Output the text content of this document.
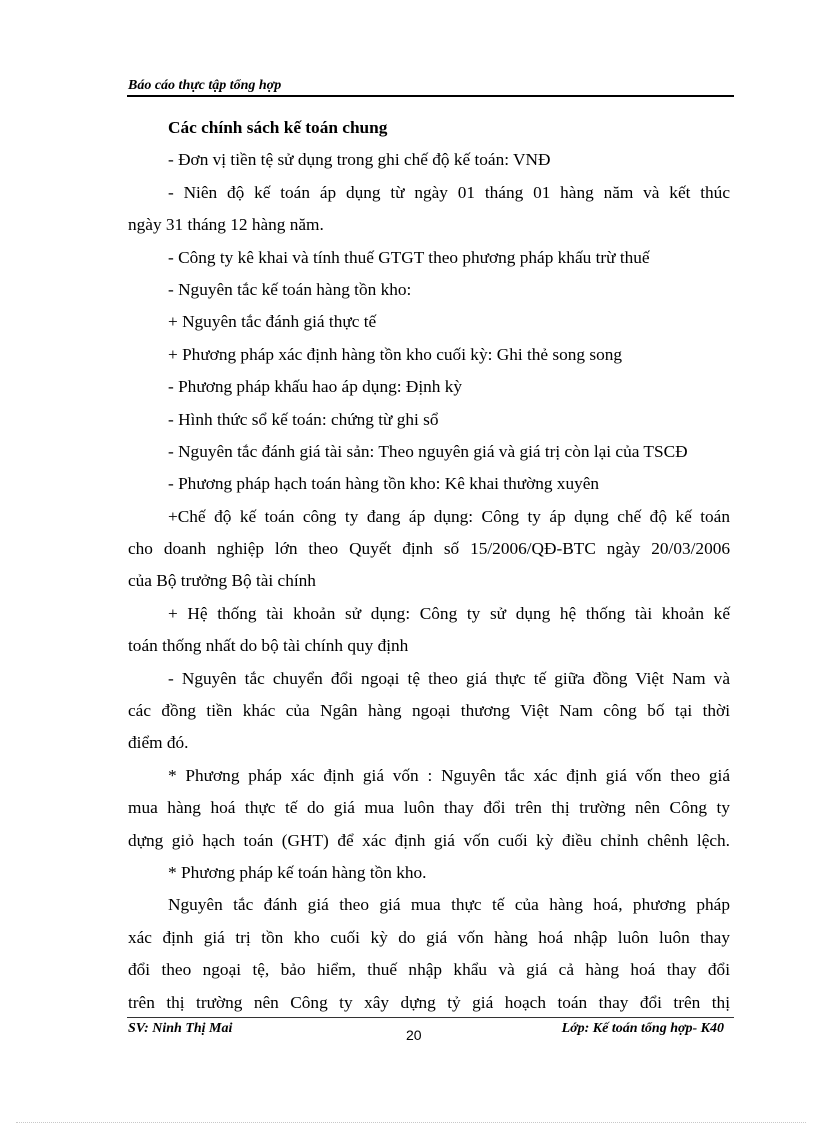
Báo cáo thực tập tổng hợp
Các chính sách kế toán chung
- Đơn vị tiền tệ sử dụng trong ghi chế độ kế toán: VNĐ
- Niên độ kế toán áp dụng từ ngày 01 tháng 01 hàng năm và kết thúc
ngày 31 tháng 12 hàng năm.
- Công ty kê khai và tính thuế GTGT theo phương pháp khấu trừ thuế
- Nguyên tắc kế toán hàng tồn kho:
+ Nguyên tắc đánh giá thực tế
+ Phương pháp xác định hàng tồn kho cuối kỳ: Ghi thẻ song song
- Phương pháp khấu hao áp dụng: Định kỳ
- Hình thức sổ kế toán: chứng từ ghi sổ
- Nguyên tắc đánh giá tài sản: Theo nguyên giá và giá trị còn lại của TSCĐ
- Phương pháp hạch toán hàng tồn kho: Kê khai thường xuyên
+Chế độ kế toán công ty đang áp dụng: Công ty áp dụng chế độ kế toán
cho doanh nghiệp lớn theo Quyết định số 15/2006/QĐ-BTC ngày 20/03/2006
của Bộ trưởng Bộ tài chính
+ Hệ thống tài khoản sử dụng: Công ty sử dụng hệ thống tài khoản kế
toán thống nhất do bộ tài chính quy định
- Nguyên tắc chuyển đổi ngoại tệ theo giá thực tế giữa đồng Việt Nam và
các đồng tiền khác của Ngân hàng ngoại thương Việt Nam công bố tại thời
điểm đó.
* Phương pháp xác định giá vốn : Nguyên tắc xác định giá vốn theo giá
mua hàng hoá thực tế do giá mua luôn thay đổi trên thị trường nên Công ty
dựng giỏ hạch toán (GHT) để xác định giá vốn cuối kỳ điều chỉnh chênh lệch.
* Phương pháp kế toán hàng tồn kho.
Nguyên tắc đánh giá theo giá mua thực tế của hàng hoá, phương pháp
xác định giá trị tồn kho cuối kỳ do giá vốn hàng hoá nhập luôn luôn thay
đổi theo ngoại tệ, bảo hiểm, thuế nhập khẩu và giá cả hàng hoá thay đổi
trên thị trường nên Công ty xây dựng tỷ giá hoạch toán thay đổi trên thị
SV: Ninh Thị Mai	20	Lớp: Kế toán tổng hợp- K40
